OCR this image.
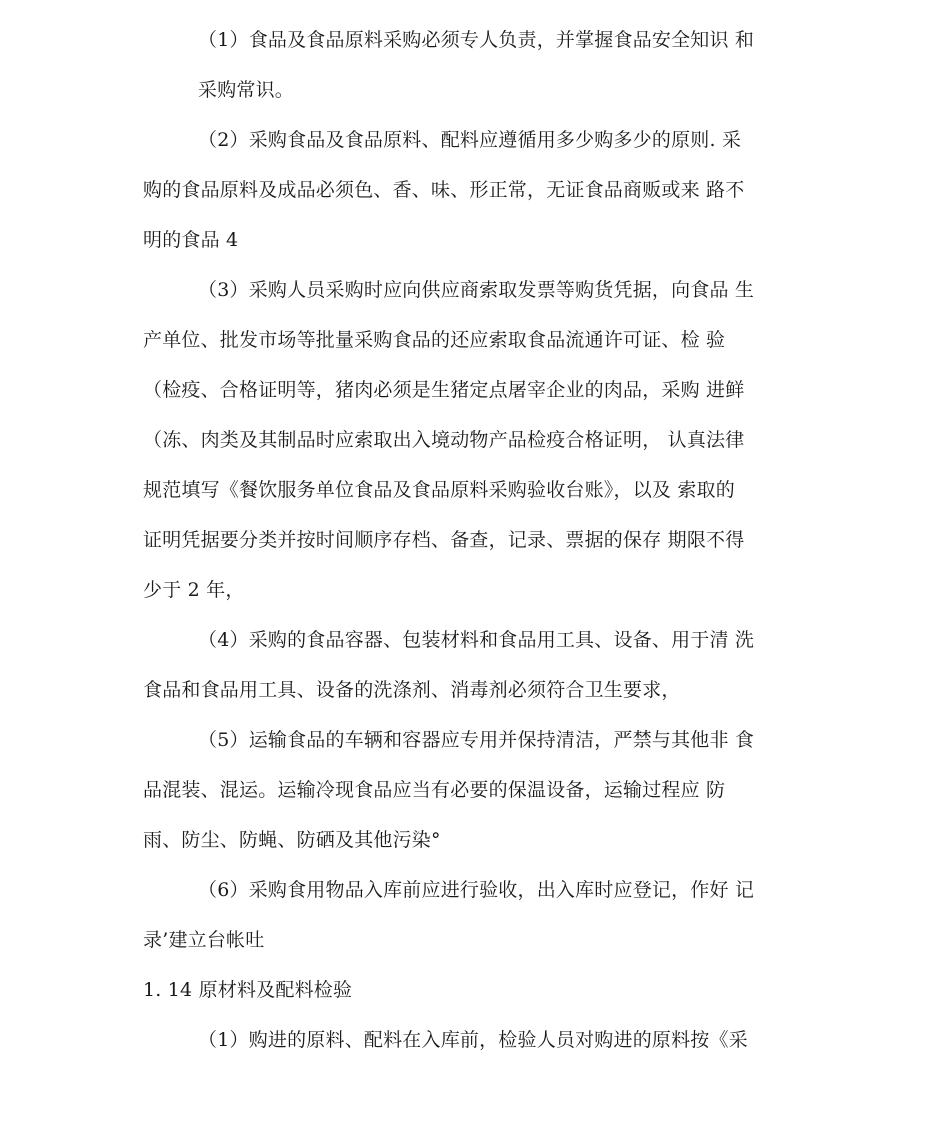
（1）食品及食品原料采购必须专人负责，并掌握食品安全知识 和
采购常识。
（2）采购食品及食品原料、配料应遵循用多少购多少的原则. 采
购的食品原料及成品必须色、香、味、形正常，无证食品商贩或来 路不
明的食品 4
（3）采购人员采购时应向供应商索取发票等购货凭据，向食品 生
产单位、批发市场等批量采购食品的还应索取食品流通许可证、检 验
（检疫、合格证明等，猪肉必须是生猪定点屠宰企业的肉品，采购 进鲜
（冻、肉类及其制品时应索取出入境动物产品检疫合格证明， 认真法律
规范填写《餐饮服务单位食品及食品原料采购验收台账》，以及 索取的
证明凭据要分类并按时间顺序存档、备查，记录、票据的保存 期限不得
少于 2 年，
（4）采购的食品容器、包装材料和食品用工具、设备、用于清 洗
食品和食品用工具、设备的洗涤剂、消毒剂必须符合卫生要求，
（5）运输食品的车辆和容器应专用并保持清洁，严禁与其他非 食
品混装、混运。运输冷现食品应当有必要的保温设备，运输过程应 防
雨、防尘、防蝇、防硒及其他污染°
（6）采购食用物品入库前应进行验收，出入库时应登记，作好 记
录’建立台帐吐
1. 14 原材料及配料检验
（1）购进的原料、配料在入库前，检验人员对购进的原料按《采
